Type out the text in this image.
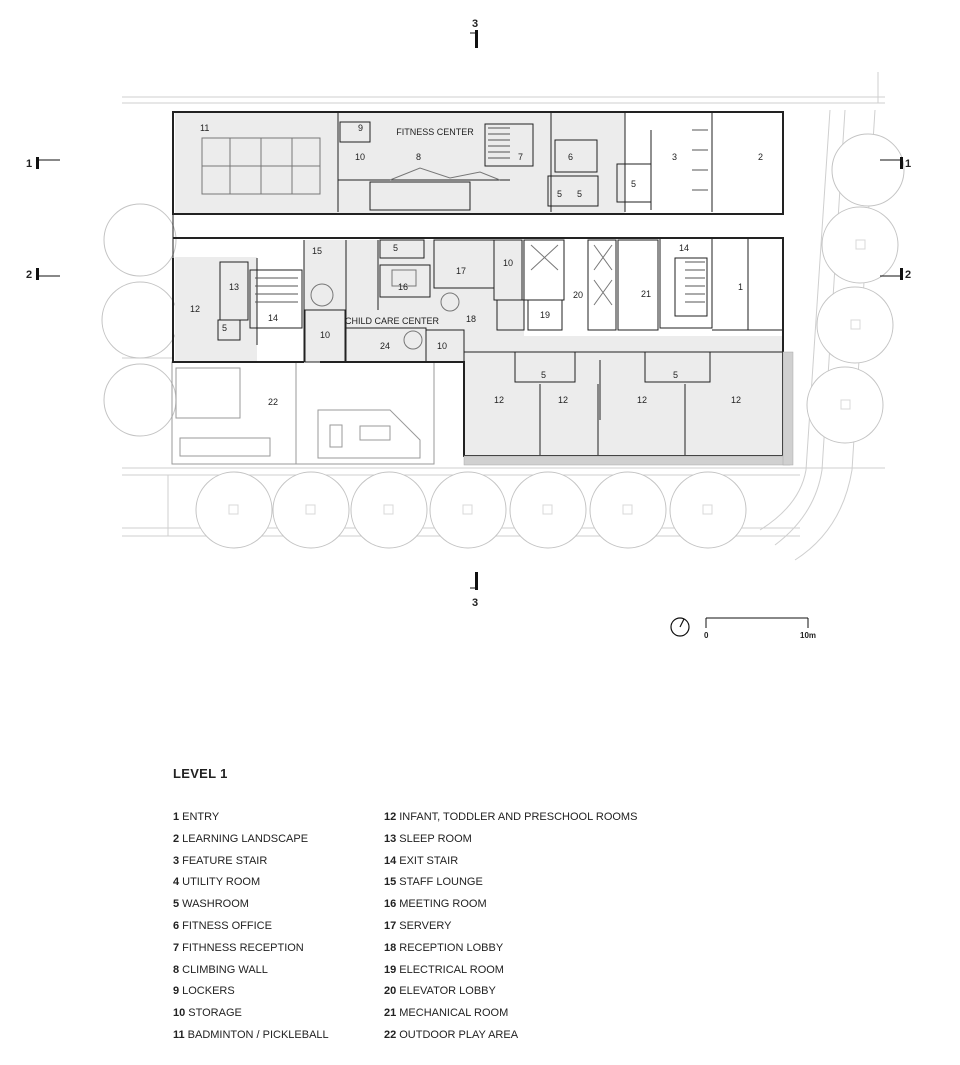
FITNESS CENTER
CHILD CARE CENTER
11	9
10	8	7	6
5 5
5
3	2
15	5
16
17
10
18
20
19
21
14
1
12
13
5
14
10
24	10
22
5	5
12	12	12	12
3
3
1
2
1
2
0	10m
LEVEL 1
1 ENTRY
2 LEARNING LANDSCAPE
3 FEATURE STAIR
4 UTILITY ROOM
5 WASHROOM
6 FITNESS OFFICE
7 FITHNESS RECEPTION
8 CLIMBING WALL
9 LOCKERS
10 STORAGE
11 BADMINTON / PICKLEBALL
12 INFANT, TODDLER AND PRESCHOOL ROOMS
13 SLEEP ROOM
14 EXIT STAIR
15 STAFF LOUNGE
16 MEETING ROOM
17 SERVERY
18 RECEPTION LOBBY
19 ELECTRICAL ROOM
20 ELEVATOR LOBBY
21 MECHANICAL ROOM
22 OUTDOOR PLAY AREA
